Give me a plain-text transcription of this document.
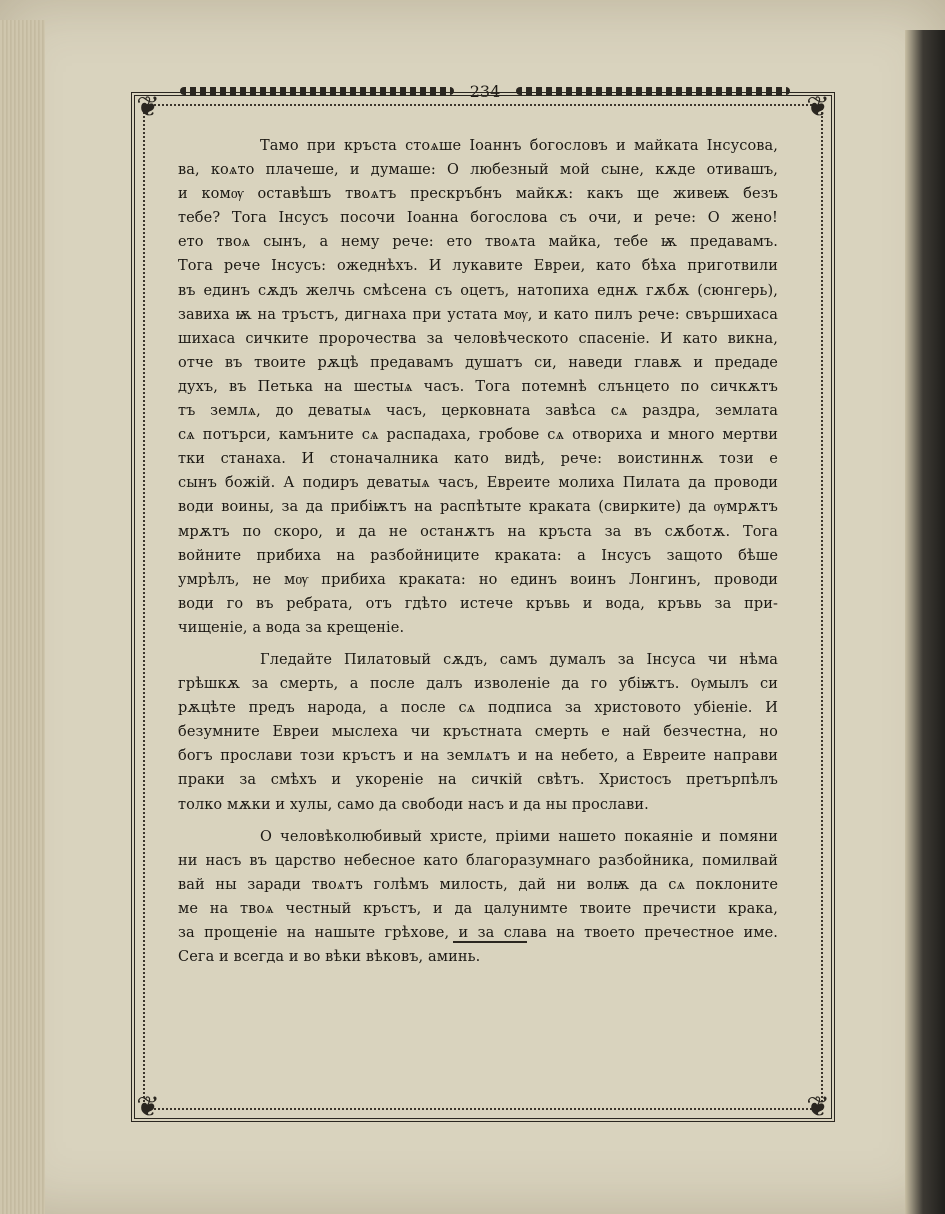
234
❦	❦
❦	❦
Тамо при кръста стоѧше Іоаннъ богословъ и майката Інсусова,
ва, коѧто плачеше, и думаше: О любезный мой сыне, кѫде отивашъ,
и комѹ оставѣшъ твоѧтъ прескръбнъ майкѫ: какъ ще живеѭ безъ
тебе? Тога Інсусъ посочи Іоанна богослова съ очи, и рече: О жено!
ето твоѧ сынъ, а нему рече: ето твоѧта майка, тебе ѭ предавамъ.
Тога рече Інсусъ: ожеднѣхъ. И лукавите Евреи, като бѣха приготвили
въ единъ сѫдъ желчь смѣсена съ оцетъ, натопиха еднѫ гѫбѫ (сюнгерь),
завиха ѭ на тръстъ, дигнаха при устата мѹ, и като пилъ рече: свършихаса
шихаса сичките пророчества за человѣческото спасеніе. И като викна,
отче въ твоите рѫцѣ предавамъ душатъ си, наведи главѫ и предаде
духъ, въ Петька на шестыѧ часъ. Тога потемнѣ слънцето по сичкѫтъ
тъ землѧ, до деватыѧ часъ, церковната завѣса сѧ раздра, землата
сѧ потърси, камъните сѧ распадаха, гробове сѧ отвориха и много мертви
тки станаха. И стоначалника като видѣ, рече: воистиннѫ този е
сынъ божій. А подиръ деватыѧ часъ, Евреите молиха Пилата да проводи
води воины, за да прибіѭтъ на распѣтыте краката (свирките) да ѹмрѫтъ
мрѫтъ по скоро, и да не останѫтъ на кръста за въ сѫботѫ. Тога
войните прибиха на разбойниците краката: а Інсусъ защото бѣше
умрѣлъ, не мѹ прибиха краката: но единъ воинъ Лонгинъ, проводи
води го въ ребрата, отъ гдѣто истече кръвь и вода, кръвь за при-
чищеніе, а вода за крещеніе.
Гледайте Пилатовый сѫдъ, самъ думалъ за Інсуса чи нѣма
грѣшкѫ за смерть, а после далъ изволеніе да го убіѭтъ. Ѹмылъ си
рѫцѣте предъ народа, а после сѧ подписа за христовото убіеніе. И
безумните Евреи мыслеха чи кръстната смерть е най безчестна, но
богъ прослави този кръстъ и на землѧтъ и на небето, а Евреите направи
праки за смѣхъ и укореніе на сичкій свѣтъ. Христосъ претърпѣлъ
толко мѫки и хулы, само да свободи насъ и да ны прослави.
О человѣколюбивый христе, пріими нашето покаяніе и помяни
ни насъ въ царство небесное като благоразумнаго разбойника, помилвай
вай ны заради твоѧтъ голѣмъ милость, дай ни волѭ да сѧ поклоните
ме на твоѧ честный кръстъ, и да цалунимте твоите пречисти крака,
за прощеніе на нашыте грѣхове, и за слава на твоето пречестное име.
Сега и всегда и во вѣки вѣковъ, аминь.
